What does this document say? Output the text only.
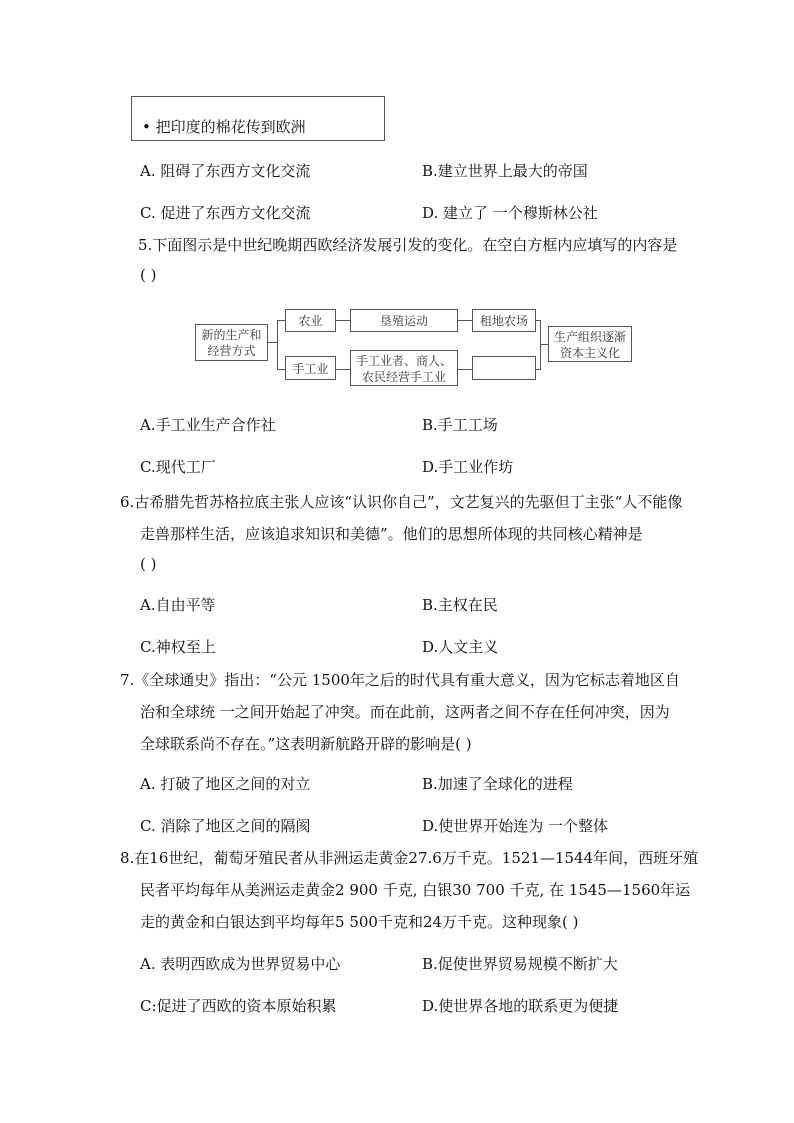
• 把印度的棉花传到欧洲
A. 阻碍了东西方文化交流	B.建立世界上最大的帝国
C. 促进了东西方文化交流	D. 建立了 一个穆斯林公社
5.下面图示是中世纪晚期西欧经济发展引发的变化。在空白方框内应填写的内容是
( )
新的生产和
经营方式
农业	垦殖运动	租地农场
手工业
手工业者、商人、
农民经营手工业
生产组织逐渐
资本主义化
A.手工业生产合作社	B.手工工场
C.现代工厂	D.手工业作坊
6.古希腊先哲苏格拉底主张人应该“认识你自己”，文艺复兴的先驱但丁主张“人不能像
走兽那样生活，应该追求知识和美德”。他们的思想所体现的共同核心精神是
( )
A.自由平等	B.主权在民
C.神权至上	D.人文主义
7.《全球通史》指出：“公元 1500年之后的时代具有重大意义，因为它标志着地区自
治和全球统 一之间开始起了冲突。而在此前，这两者之间不存在任何冲突，因为
全球联系尚不存在。”这表明新航路开辟的影响是( )
A. 打破了地区之间的对立	B.加速了全球化的进程
C. 消除了地区之间的隔阂	D.使世界开始连为 一个整体
8.在16世纪，葡萄牙殖民者从非洲运走黄金27.6万千克。1521—1544年间，西班牙殖
民者平均每年从美洲运走黄金2 900 千克, 白银30 700 千克, 在 1545—1560年运
走的黄金和白银达到平均每年5 500千克和24万千克。这种现象( )
A. 表明西欧成为世界贸易中心	B.促使世界贸易规模不断扩大
C:促进了西欧的资本原始积累	D.使世界各地的联系更为便捷
